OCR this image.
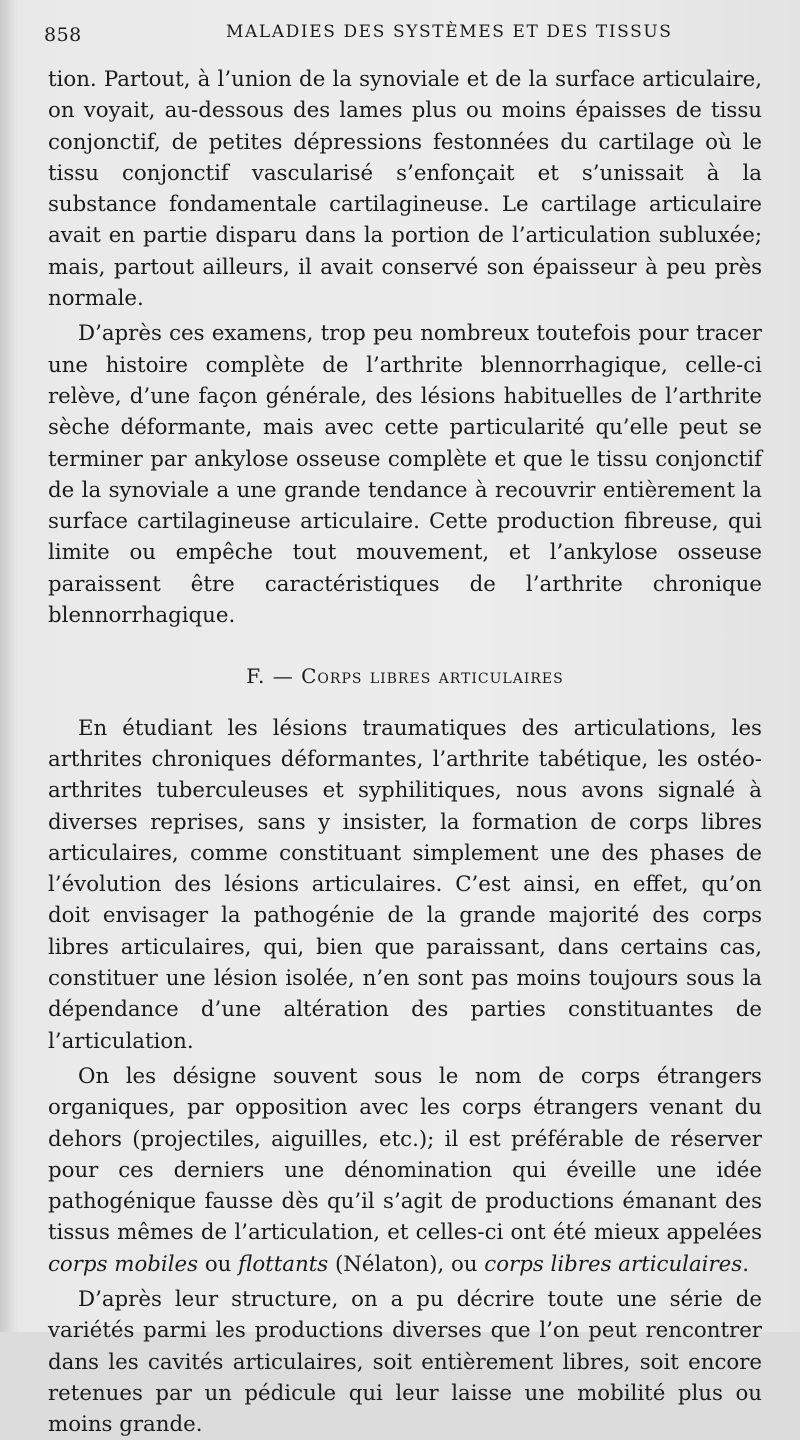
858	MALADIES DES SYSTÈMES ET DES TISSUS

tion. Partout, à l’union de la synoviale et de la surface articulaire, on voyait, au-dessous des lames plus ou moins épaisses de tissu conjonctif, de petites dépressions festonnées du cartilage où le tissu conjonctif vascularisé s’enfonçait et s’unissait à la substance fondamentale cartilagineuse. Le cartilage articulaire avait en partie disparu dans la portion de l’articulation subluxée; mais, partout ailleurs, il avait conservé son épaisseur à peu près normale.

D’après ces examens, trop peu nombreux toutefois pour tracer une histoire complète de l’arthrite blennorrhagique, celle-ci relève, d’une façon générale, des lésions habituelles de l’arthrite sèche déformante, mais avec cette particularité qu’elle peut se terminer par ankylose osseuse complète et que le tissu conjonctif de la synoviale a une grande tendance à recouvrir entièrement la surface cartilagineuse articulaire. Cette production fibreuse, qui limite ou empêche tout mouvement, et l’ankylose osseuse paraissent être caractéristiques de l’arthrite chronique blennorrhagique.

F. — Corps libres articulaires

En étudiant les lésions traumatiques des articulations, les arthrites chroniques déformantes, l’arthrite tabétique, les ostéo-arthrites tuberculeuses et syphilitiques, nous avons signalé à diverses reprises, sans y insister, la formation de corps libres articulaires, comme constituant simplement une des phases de l’évolution des lésions articulaires. C’est ainsi, en effet, qu’on doit envisager la pathogénie de la grande majorité des corps libres articulaires, qui, bien que paraissant, dans certains cas, constituer une lésion isolée, n’en sont pas moins toujours sous la dépendance d’une altération des parties constituantes de l’articulation.

On les désigne souvent sous le nom de corps étrangers organiques, par opposition avec les corps étrangers venant du dehors (projectiles, aiguilles, etc.); il est préférable de réserver pour ces derniers une dénomination qui éveille une idée pathogénique fausse dès qu’il s’agit de productions émanant des tissus mêmes de l’articulation, et celles-ci ont été mieux appelées corps mobiles ou flottants (Nélaton), ou corps libres articulaires.

D’après leur structure, on a pu décrire toute une série de variétés parmi les productions diverses que l’on peut rencontrer dans les cavités articulaires, soit entièrement libres, soit encore retenues par un pédicule qui leur laisse une mobilité plus ou moins grande.
